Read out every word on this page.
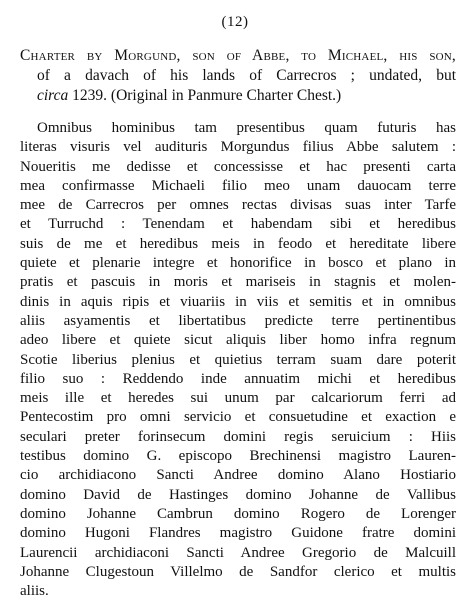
(12)
Charter by Morgund, son of Abbe, to Michael, his son,
of a davach of his lands of Carrecros ; undated, but
circa 1239. (Original in Panmure Charter Chest.)
Omnibus hominibus tam presentibus quam futuris has
literas visuris vel audituris Morgundus filius Abbe salutem :
Noueritis me dedisse et concessisse et hac presenti carta
mea confirmasse Michaeli filio meo unam dauocam terre
mee de Carrecros per omnes rectas divisas suas inter Tarfe
et Turruchd : Tenendam et habendam sibi et heredibus
suis de me et heredibus meis in feodo et hereditate libere
quiete et plenarie integre et honorifice in bosco et plano in
pratis et pascuis in moris et mariseis in stagnis et molen-
dinis in aquis ripis et viuariis in viis et semitis et in omnibus
aliis asyamentis et libertatibus predicte terre pertinentibus
adeo libere et quiete sicut aliquis liber homo infra regnum
Scotie liberius plenius et quietius terram suam dare poterit
filio suo : Reddendo inde annuatim michi et heredibus
meis ille et heredes sui unum par calcariorum ferri ad
Pentecostim pro omni servicio et consuetudine et exaction e
seculari preter forinsecum domini regis seruicium : Hiis
testibus domino G. episcopo Brechinensi magistro Lauren-
cio archidiacono Sancti Andree domino Alano Hostiario
domino David de Hastinges domino Johanne de Vallibus
domino Johanne Cambrun domino Rogero de Lorenger
domino Hugoni Flandres magistro Guidone fratre domini
Laurencii archidiaconi Sancti Andree Gregorio de Malcuill
Johanne Clugestoun Villelmo de Sandfor clerico et multis
aliis.
